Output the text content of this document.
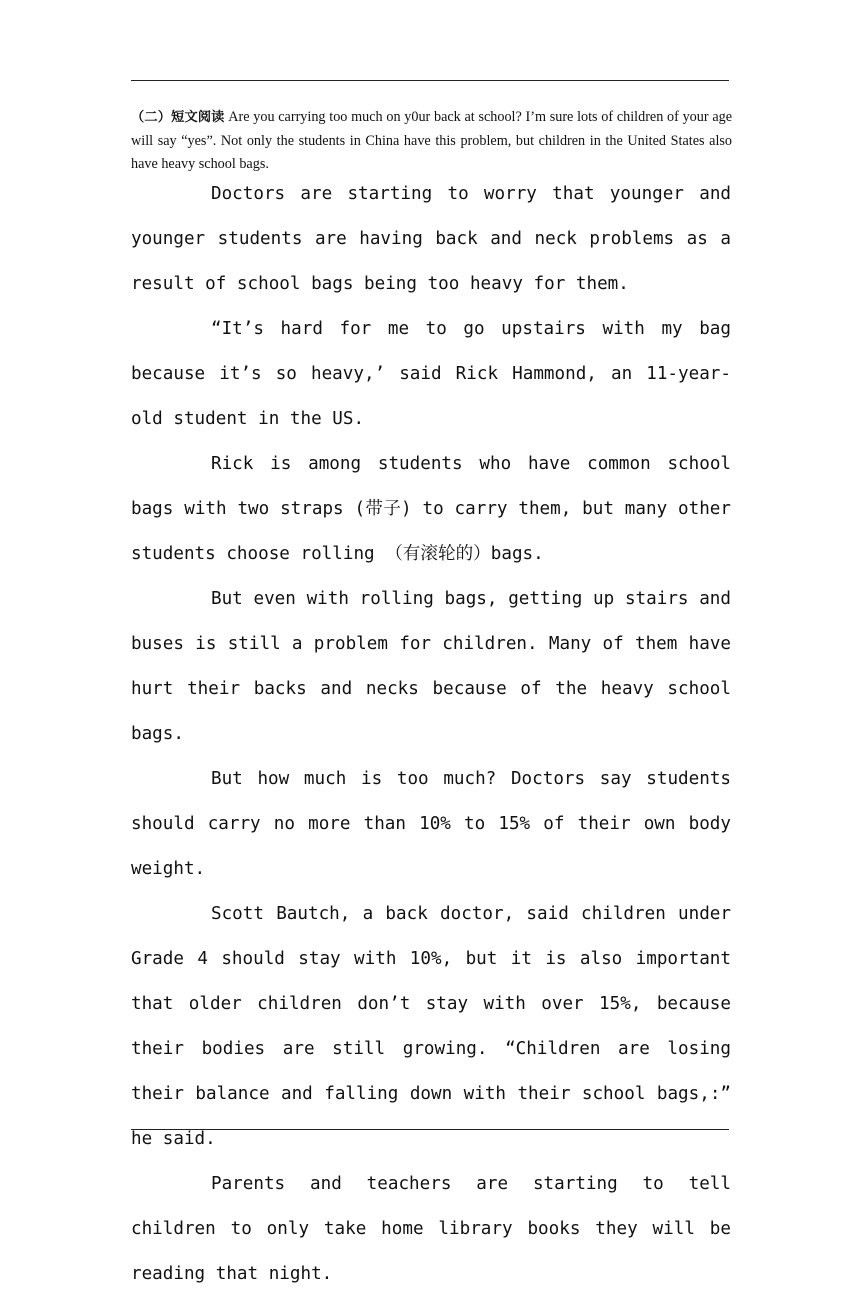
（二）短文阅读 Are you carrying too much on y0ur back at school? I’m sure lots of children of your age will say “yes”. Not only the students in China have this problem, but children in the United States also have heavy school bags.

Doctors are starting to worry that younger and younger students are having back and neck problems as a result of school bags being too heavy for them.

“It’s hard for me to go upstairs with my bag because it’s so heavy,’ said Rick Hammond, an 11-year-old student in the US.

Rick is among students who have common school bags with two straps (带子) to carry them, but many other students choose rolling （有滚轮的）bags.

But even with rolling bags, getting up stairs and buses is still a problem for children. Many of them have hurt their backs and necks because of the heavy school bags.

But how much is too much? Doctors say students should carry no more than 10% to 15% of their own body weight.

Scott Bautch, a back doctor, said children under Grade 4 should stay with 10%, but it is also important that older children don’t stay with over 15%, because their bodies are still growing. “Children are losing their balance and falling down with their school bags,:” he said.

Parents and teachers are starting to tell children to only take home library books they will be reading that night.
